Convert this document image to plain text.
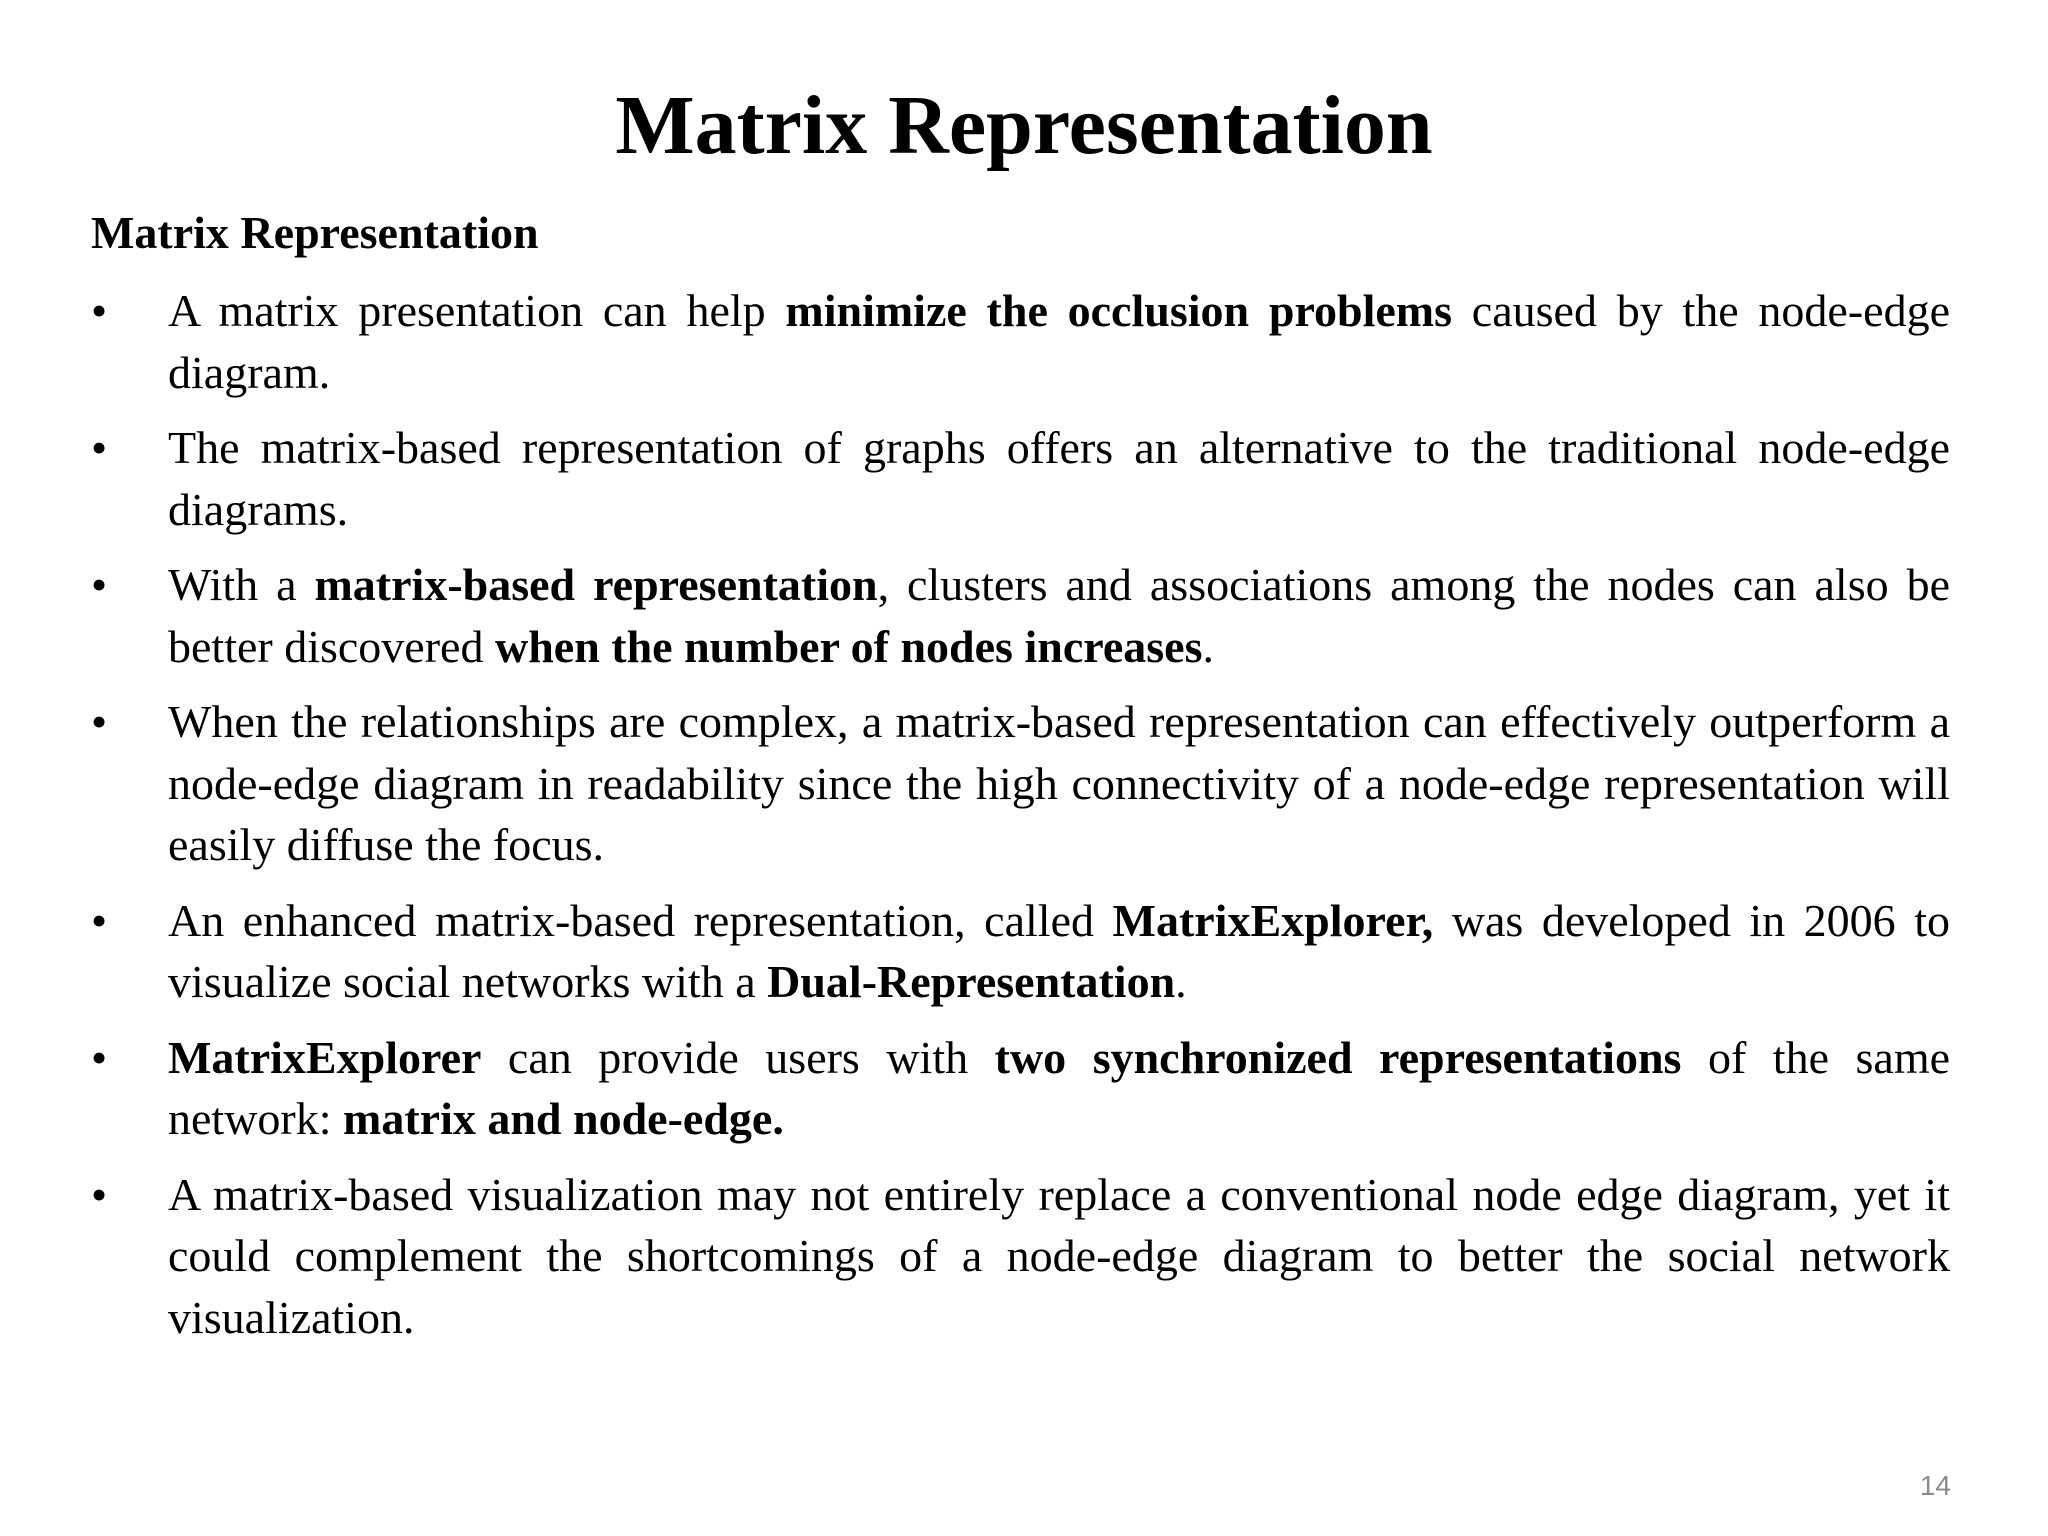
Matrix Representation
Matrix Representation
•	A matrix presentation can help minimize the occlusion problems caused by the node-edge diagram.
•	The matrix-based representation of graphs offers an alternative to the traditional node-edge diagrams.
•	With a matrix-based representation, clusters and associations among the nodes can also be better discovered when the number of nodes increases.
•	When the relationships are complex, a matrix-based representation can effectively outperform a node-edge diagram in readability since the high connectivity of a node-edge representation will easily diffuse the focus.
•	An enhanced matrix-based representation, called MatrixExplorer, was developed in 2006 to visualize social networks with a Dual-Representation.
•	MatrixExplorer can provide users with two synchronized representations of the same network: matrix and node-edge.
•	A matrix-based visualization may not entirely replace a conventional node edge diagram, yet it could complement the shortcomings of a node-edge diagram to better the social network visualization.
14
